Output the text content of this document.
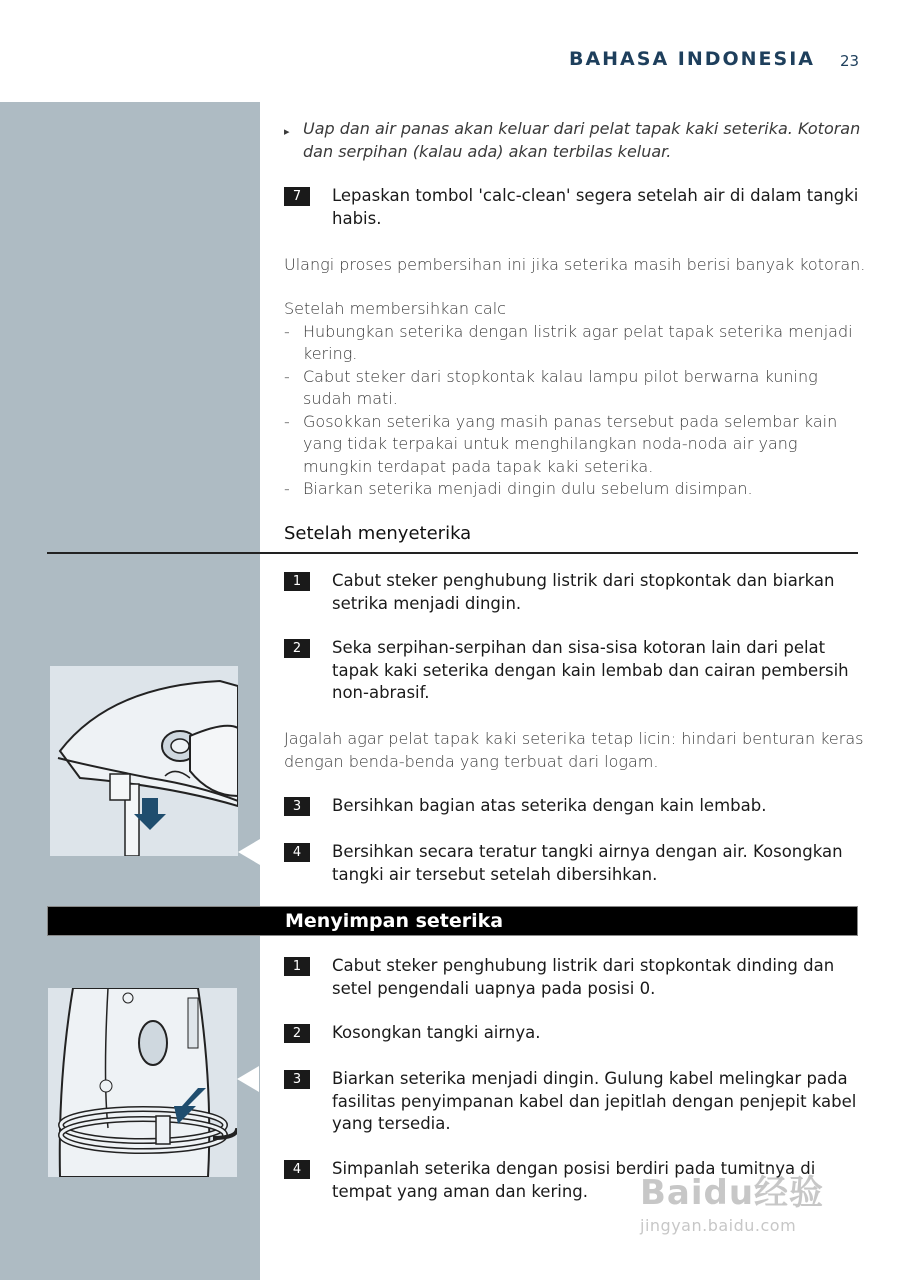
BAHASA INDONESIA 23
▸ Uap dan air panas akan keluar dari pelat tapak kaki seterika. Kotoran dan serpihan (kalau ada) akan terbilas keluar.
7	Lepaskan tombol 'calc-clean' segera setelah air di dalam tangki habis.
Ulangi proses pembersihan ini jika seterika masih berisi banyak kotoran.
Setelah membersihkan calc
- Hubungkan seterika dengan listrik agar pelat tapak seterika menjadi kering.
- Cabut steker dari stopkontak kalau lampu pilot berwarna kuning sudah mati.
- Gosokkan seterika yang masih panas tersebut pada selembar kain yang tidak terpakai untuk menghilangkan noda-noda air yang mungkin terdapat pada tapak kaki seterika.
- Biarkan seterika menjadi dingin dulu sebelum disimpan.
Setelah menyeterika
1	Cabut steker penghubung listrik dari stopkontak dan biarkan setrika menjadi dingin.
2	Seka serpihan-serpihan dan sisa-sisa kotoran lain dari pelat tapak kaki seterika dengan kain lembab dan cairan pembersih non-abrasif.
Jagalah agar pelat tapak kaki seterika tetap licin: hindari benturan keras dengan benda-benda yang terbuat dari logam.
3	Bersihkan bagian atas seterika dengan kain lembab.
4	Bersihkan secara teratur tangki airnya dengan air. Kosongkan tangki air tersebut setelah dibersihkan.
Menyimpan seterika
1	Cabut steker penghubung listrik dari stopkontak dinding dan setel pengendali uapnya pada posisi 0.
2	Kosongkan tangki airnya.
3	Biarkan seterika menjadi dingin. Gulung kabel melingkar pada fasilitas penyimpanan kabel dan jepitlah dengan penjepit kabel yang tersedia.
4	Simpanlah seterika dengan posisi berdiri pada tumitnya di tempat yang aman dan kering.	Baidu经验
jingyan.baidu.com
